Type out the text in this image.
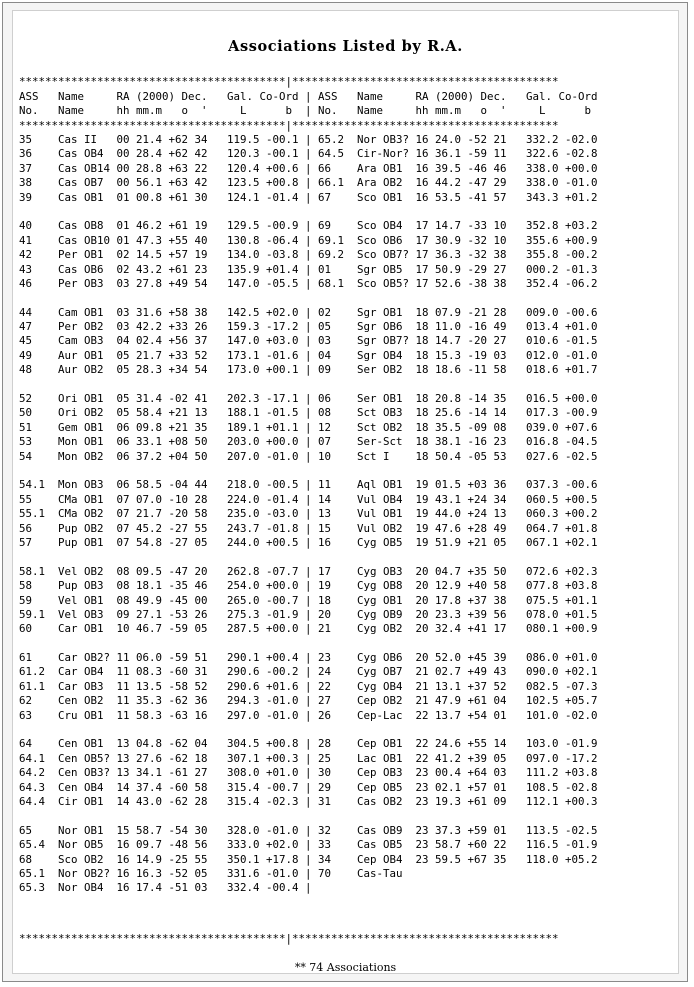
Associations Listed by R.A.
*****************************************|*****************************************
ASS   Name     RA (2000) Dec.   Gal. Co-Ord | ASS   Name     RA (2000) Dec.   Gal. Co-Ord
No.   Name     hh mm.m   o  '     L      b  | No.   Name     hh mm.m   o  '     L      b
*****************************************|*****************************************
35    Cas II   00 21.4 +62 34   119.5 -00.1 | 65.2  Nor OB3? 16 24.0 -52 21   332.2 -02.0
36    Cas OB4  00 28.4 +62 42   120.3 -00.1 | 64.5  Cir-Nor? 16 36.1 -59 11   322.6 -02.8
37    Cas OB14 00 28.8 +63 22   120.4 +00.6 | 66    Ara OB1  16 39.5 -46 46   338.0 +00.0
38    Cas OB7  00 56.1 +63 42   123.5 +00.8 | 66.1  Ara OB2  16 44.2 -47 29   338.0 -01.0
39    Cas OB1  01 00.8 +61 30   124.1 -01.4 | 67    Sco OB1  16 53.5 -41 57   343.3 +01.2
40    Cas OB8  01 46.2 +61 19   129.5 -00.9 | 69    Sco OB4  17 14.7 -33 10   352.8 +03.2
41    Cas OB10 01 47.3 +55 40   130.8 -06.4 | 69.1  Sco OB6  17 30.9 -32 10   355.6 +00.9
42    Per OB1  02 14.5 +57 19   134.0 -03.8 | 69.2  Sco OB7? 17 36.3 -32 38   355.8 -00.2
43    Cas OB6  02 43.2 +61 23   135.9 +01.4 | 01    Sgr OB5  17 50.9 -29 27   000.2 -01.3
46    Per OB3  03 27.8 +49 54   147.0 -05.5 | 68.1  Sco OB5? 17 52.6 -38 38   352.4 -06.2
44    Cam OB1  03 31.6 +58 38   142.5 +02.0 | 02    Sgr OB1  18 07.9 -21 28   009.0 -00.6
47    Per OB2  03 42.2 +33 26   159.3 -17.2 | 05    Sgr OB6  18 11.0 -16 49   013.4 +01.0
45    Cam OB3  04 02.4 +56 37   147.0 +03.0 | 03    Sgr OB7? 18 14.7 -20 27   010.6 -01.5
49    Aur OB1  05 21.7 +33 52   173.1 -01.6 | 04    Sgr OB4  18 15.3 -19 03   012.0 -01.0
48    Aur OB2  05 28.3 +34 54   173.0 +00.1 | 09    Ser OB2  18 18.6 -11 58   018.6 +01.7
52    Ori OB1  05 31.4 -02 41   202.3 -17.1 | 06    Ser OB1  18 20.8 -14 35   016.5 +00.0
50    Ori OB2  05 58.4 +21 13   188.1 -01.5 | 08    Sct OB3  18 25.6 -14 14   017.3 -00.9
51    Gem OB1  06 09.8 +21 35   189.1 +01.1 | 12    Sct OB2  18 35.5 -09 08   039.0 +07.6
53    Mon OB1  06 33.1 +08 50   203.0 +00.0 | 07    Ser-Sct  18 38.1 -16 23   016.8 -04.5
54    Mon OB2  06 37.2 +04 50   207.0 -01.0 | 10    Sct I    18 50.4 -05 53   027.6 -02.5
54.1  Mon OB3  06 58.5 -04 44   218.0 -00.5 | 11    Aql OB1  19 01.5 +03 36   037.3 -00.6
55    CMa OB1  07 07.0 -10 28   224.0 -01.4 | 14    Vul OB4  19 43.1 +24 34   060.5 +00.5
55.1  CMa OB2  07 21.7 -20 58   235.0 -03.0 | 13    Vul OB1  19 44.0 +24 13   060.3 +00.2
56    Pup OB2  07 45.2 -27 55   243.7 -01.8 | 15    Vul OB2  19 47.6 +28 49   064.7 +01.8
57    Pup OB1  07 54.8 -27 05   244.0 +00.5 | 16    Cyg OB5  19 51.9 +21 05   067.1 +02.1
58.1  Vel OB2  08 09.5 -47 20   262.8 -07.7 | 17    Cyg OB3  20 04.7 +35 50   072.6 +02.3
58    Pup OB3  08 18.1 -35 46   254.0 +00.0 | 19    Cyg OB8  20 12.9 +40 58   077.8 +03.8
59    Vel OB1  08 49.9 -45 00   265.0 -00.7 | 18    Cyg OB1  20 17.8 +37 38   075.5 +01.1
59.1  Vel OB3  09 27.1 -53 26   275.3 -01.9 | 20    Cyg OB9  20 23.3 +39 56   078.0 +01.5
60    Car OB1  10 46.7 -59 05   287.5 +00.0 | 21    Cyg OB2  20 32.4 +41 17   080.1 +00.9
61    Car OB2? 11 06.0 -59 51   290.1 +00.4 | 23    Cyg OB6  20 52.0 +45 39   086.0 +01.0
61.2  Car OB4  11 08.3 -60 31   290.6 -00.2 | 24    Cyg OB7  21 02.7 +49 43   090.0 +02.1
61.1  Car OB3  11 13.5 -58 52   290.6 +01.6 | 22    Cyg OB4  21 13.1 +37 52   082.5 -07.3
62    Cen OB2  11 35.3 -62 36   294.3 -01.0 | 27    Cep OB2  21 47.9 +61 04   102.5 +05.7
63    Cru OB1  11 58.3 -63 16   297.0 -01.0 | 26    Cep-Lac  22 13.7 +54 01   101.0 -02.0
64    Cen OB1  13 04.8 -62 04   304.5 +00.8 | 28    Cep OB1  22 24.6 +55 14   103.0 -01.9
64.1  Cen OB5? 13 27.6 -62 18   307.1 +00.3 | 25    Lac OB1  22 41.2 +39 05   097.0 -17.2
64.2  Cen OB3? 13 34.1 -61 27   308.0 +01.0 | 30    Cep OB3  23 00.4 +64 03   111.2 +03.8
64.3  Cen OB4  14 37.4 -60 58   315.4 -00.7 | 29    Cep OB5  23 02.1 +57 01   108.5 -02.8
64.4  Cir OB1  14 43.0 -62 28   315.4 -02.3 | 31    Cas OB2  23 19.3 +61 09   112.1 +00.3
65    Nor OB1  15 58.7 -54 30   328.0 -01.0 | 32    Cas OB9  23 37.3 +59 01   113.5 -02.5
65.4  Nor OB5  16 09.7 -48 56   333.0 +02.0 | 33    Cas OB5  23 58.7 +60 22   116.5 -01.9
68    Sco OB2  16 14.9 -25 55   350.1 +17.8 | 34    Cep OB4  23 59.5 +67 35   118.0 +05.2
65.1  Nor OB2? 16 16.3 -52 05   331.6 -01.0 | 70    Cas-Tau
65.3  Nor OB4  16 17.4 -51 03   332.4 -00.4 |
*****************************************|*****************************************
** 74 Associations
